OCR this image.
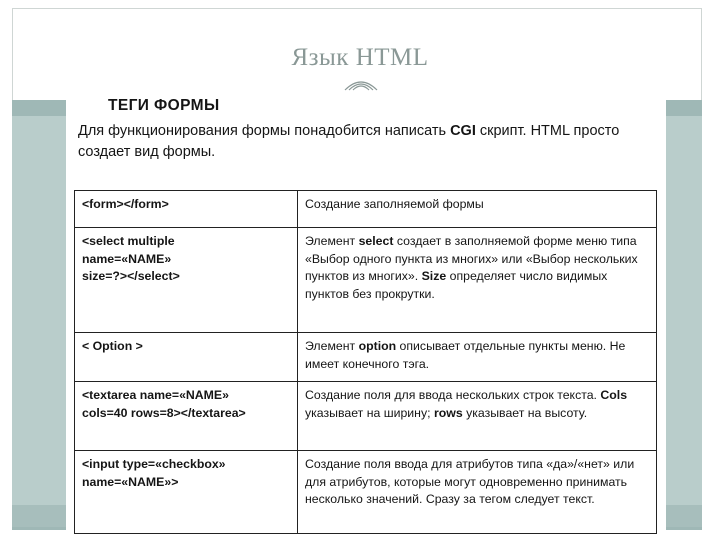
Язык HTML
ТЕГИ ФОРМЫ
Для функционирования формы понадобится написать CGI скрипт. HTML просто создает вид формы.
<form></form>	Создание заполняемой формы

<select multiple
name=«NAME»
size=?></select>	Элемент select создает в заполняемой форме меню типа «Выбор одного пункта из многих» или «Выбор нескольких пунктов из многих». Size определяет число видимых пунктов без прокрутки.

< Option >	Элемент option описывает отдельные пункты меню. Не имеет конечного тэга.

<textarea name=«NAME»
cols=40 rows=8></textarea>	Создание поля для ввода нескольких строк текста. Cols указывает на ширину; rows указывает на высоту.

<input type=«checkbox»
name=«NAME»>	Создание поля ввода для атрибутов типа «да»/«нет» или для атрибутов, которые могут одновременно принимать несколько значений. Сразу за тегом следует текст.
